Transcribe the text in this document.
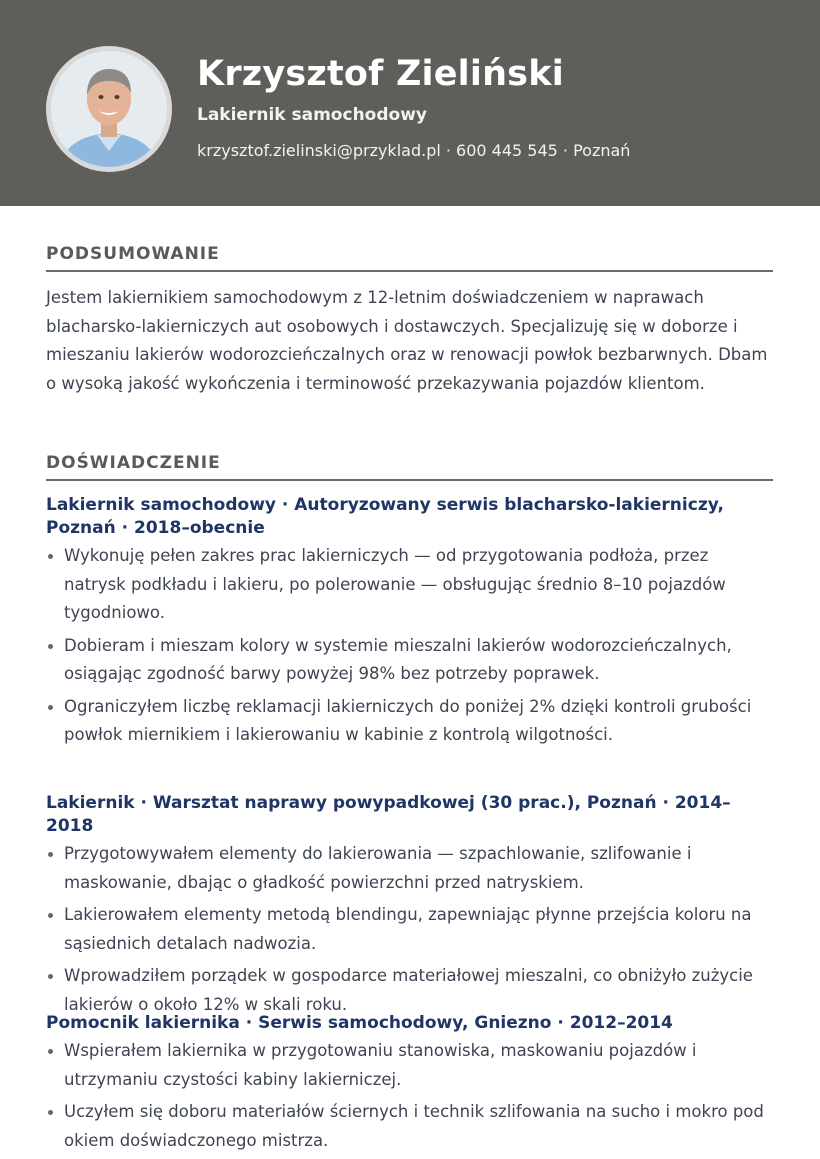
Krzysztof Zieliński
Lakiernik samochodowy
krzysztof.zielinski@przyklad.pl · 600 445 545 · Poznań
PODSUMOWANIE
Jestem lakiernikiem samochodowym z 12-letnim doświadczeniem w naprawach blacharsko-lakierniczych aut osobowych i dostawczych. Specjalizuję się w doborze i mieszaniu lakierów wodorozcieńczalnych oraz w renowacji powłok bezbarwnych. Dbam o wysoką jakość wykończenia i terminowość przekazywania pojazdów klientom.
DOŚWIADCZENIE

Lakiernik samochodowy · Autoryzowany serwis blacharsko-lakierniczy, Poznań · 2018–obecnie

Wykonuję pełen zakres prac lakierniczych — od przygotowania podłoża, przez natrysk podkładu i lakieru, po polerowanie — obsługując średnio 8–10 pojazdów tygodniowo.
Dobieram i mieszam kolory w systemie mieszalni lakierów wodorozcieńczalnych, osiągając zgodność barwy powyżej 98% bez potrzeby poprawek.
Ograniczyłem liczbę reklamacji lakierniczych do poniżej 2% dzięki kontroli grubości powłok miernikiem i lakierowaniu w kabinie z kontrolą wilgotności.

Lakiernik · Warsztat naprawy powypadkowej (30 prac.), Poznań · 2014–2018

Przygotowywałem elementy do lakierowania — szpachlowanie, szlifowanie i maskowanie, dbając o gładkość powierzchni przed natryskiem.
Lakierowałem elementy metodą blendingu, zapewniając płynne przejścia koloru na sąsiednich detalach nadwozia.
Wprowadziłem porządek w gospodarce materiałowej mieszalni, co obniżyło zużycie lakierów o około 12% w skali roku.

Pomocnik lakiernika · Serwis samochodowy, Gniezno · 2012–2014

Wspierałem lakiernika w przygotowaniu stanowiska, maskowaniu pojazdów i utrzymaniu czystości kabiny lakierniczej.
Uczyłem się doboru materiałów ściernych i technik szlifowania na sucho i mokro pod okiem doświadczonego mistrza.
